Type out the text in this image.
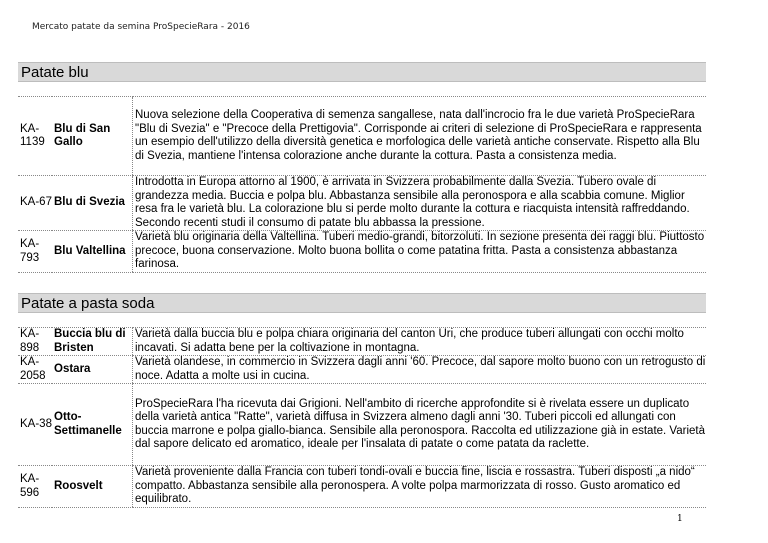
Mercato patate da semina ProSpecieRara - 2016
Patate blu
KA-1139	Blu di San Gallo	Nuova selezione della Cooperativa di semenza sangallese, nata dall'incrocio fra le due varietà ProSpecieRara "Blu di Svezia" e "Precoce della Prettigovia". Corrisponde ai criteri di selezione di ProSpecieRara e rappresenta un esempio dell'utilizzo della diversità genetica e morfologica delle varietà antiche conservate. Rispetto alla Blu di Svezia, mantiene l'intensa colorazione anche durante la cottura. Pasta a consistenza media.
KA-67	Blu di Svezia	Introdotta in Europa attorno al 1900, è arrivata in Svizzera probabilmente dalla Svezia. Tubero ovale di grandezza media. Buccia e polpa blu. Abbastanza sensibile alla peronospora e alla scabbia comune. Miglior resa fra le varietà blu. La colorazione blu si perde molto durante la cottura e riacquista intensità raffreddando. Secondo recenti studi il consumo di patate blu abbassa la pressione.
KA-793	Blu Valtellina	Varietà blu originaria della Valtellina. Tuberi medio-grandi, bitorzoluti. In sezione presenta dei raggi blu. Piuttosto precoce, buona conservazione. Molto buona bollita o come patatina fritta. Pasta a consistenza abbastanza farinosa.
Patate a pasta soda
KA-898	Buccia blu di Bristen	Varietà dalla buccia blu e polpa chiara originaria del canton Uri, che produce tuberi allungati con occhi molto incavati. Si adatta bene per la coltivazione in montagna.
KA-2058	Ostara	Varietà olandese, in commercio in Svizzera dagli anni '60. Precoce, dal sapore molto buono con un retrogusto di noce. Adatta a molte usi in cucina.
KA-38	Otto-Settimanelle	ProSpecieRara l'ha ricevuta dai Grigioni. Nell'ambito di ricerche approfondite si è rivelata essere un duplicato della varietà antica "Ratte", varietà diffusa in Svizzera almeno dagli anni '30. Tuberi piccoli ed allungati con buccia marrone e polpa giallo-bianca. Sensibile alla peronospora. Raccolta ed utilizzazione già in estate. Varietà dal sapore delicato ed aromatico, ideale per l'insalata di patate o come patata da raclette.
KA-596	Roosvelt	Varietà proveniente dalla Francia con tuberi tondi-ovali e buccia fine, liscia e rossastra. Tuberi disposti „a nido“ compatto. Abbastanza sensibile alla peronospera. A volte polpa marmorizzata di rosso. Gusto aromatico ed equilibrato.
1
